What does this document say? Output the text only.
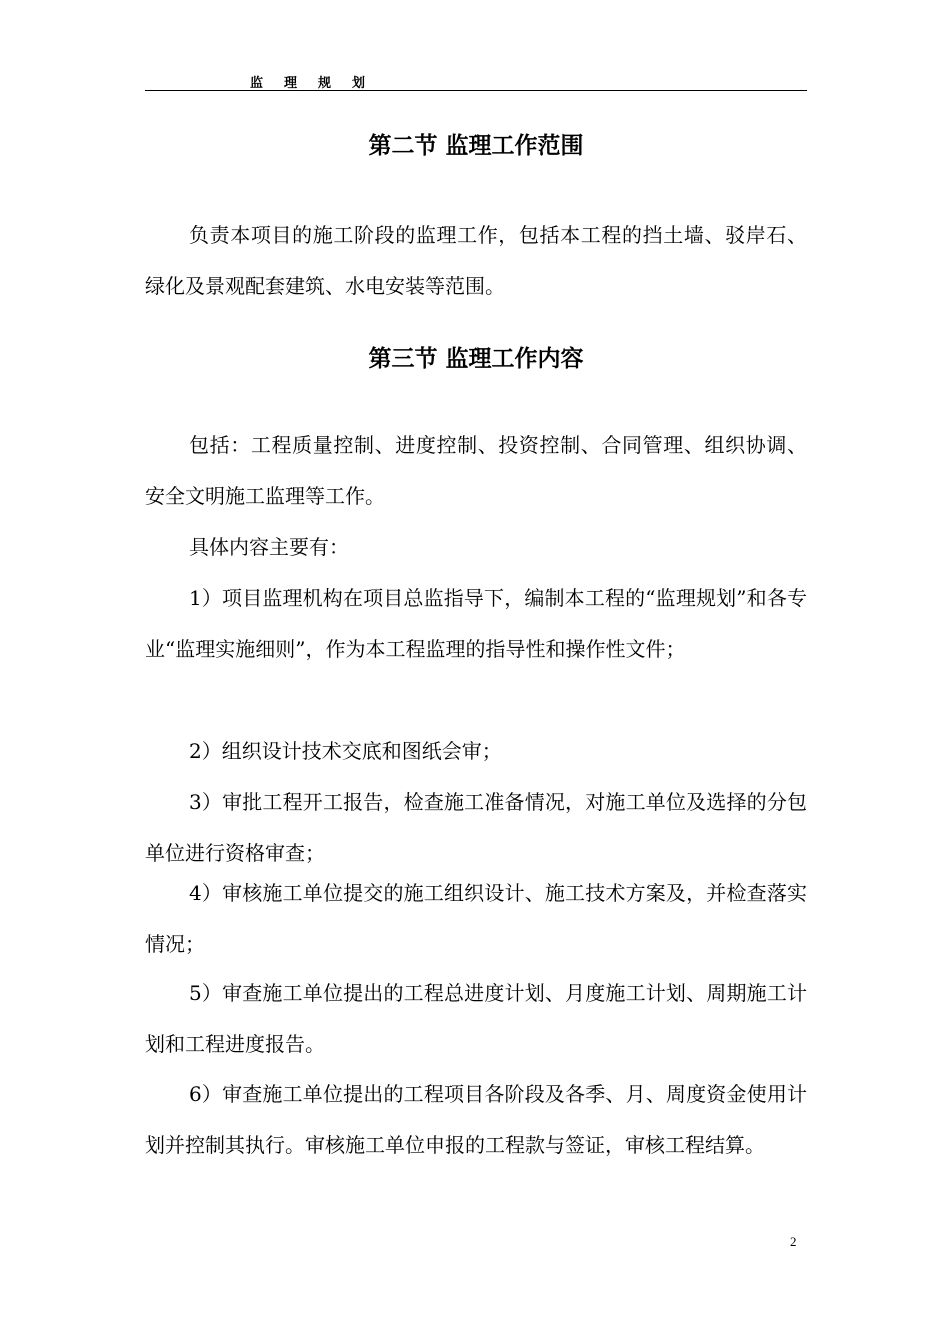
监理规划
第二节 监理工作范围
负责本项目的施工阶段的监理工作，包括本工程的挡土墙、驳岸石、绿化及景观配套建筑、水电安装等范围。
第三节 监理工作内容
包括：工程质量控制、进度控制、投资控制、合同管理、组织协调、安全文明施工监理等工作。
具体内容主要有：
1）项目监理机构在项目总监指导下，编制本工程的“监理规划”和各专业“监理实施细则”，作为本工程监理的指导性和操作性文件；
2）组织设计技术交底和图纸会审；
3）审批工程开工报告，检查施工准备情况，对施工单位及选择的分包单位进行资格审查；
4）审核施工单位提交的施工组织设计、施工技术方案及，并检查落实情况；
5）审查施工单位提出的工程总进度计划、月度施工计划、周期施工计划和工程进度报告。
6）审查施工单位提出的工程项目各阶段及各季、月、周度资金使用计划并控制其执行。审核施工单位申报的工程款与签证，审核工程结算。
2
